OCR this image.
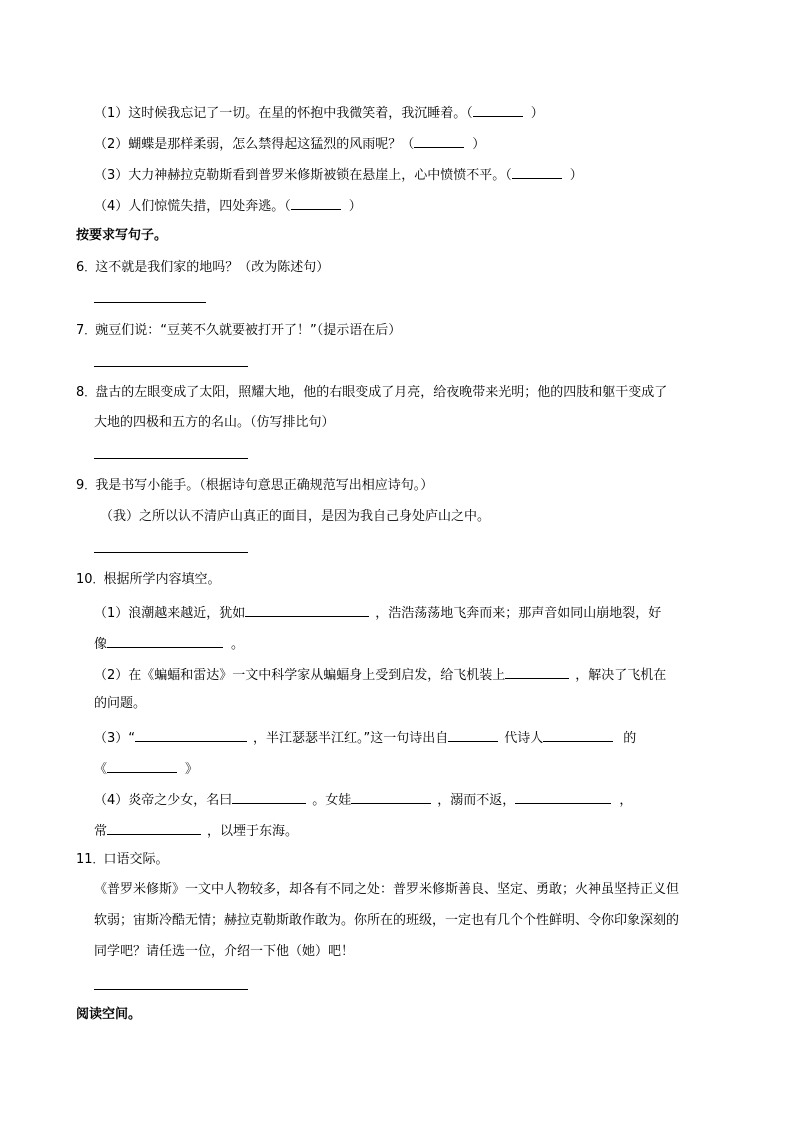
（1）这时候我忘记了一切。在星的怀抱中我微笑着，我沉睡着。（	）
（2）蝴蝶是那样柔弱，怎么禁得起这猛烈的风雨呢？（	）
（3）大力神赫拉克勒斯看到普罗米修斯被锁在悬崖上，心中愤愤不平。（	）
（4）人们惊慌失措，四处奔逃。（	）
按要求写句子。
6．这不就是我们家的地吗？（改为陈述句）
7．豌豆们说：“豆荚不久就要被打开了！”（提示语在后）
8．盘古的左眼变成了太阳，照耀大地，他的右眼变成了月亮，给夜晚带来光明；他的四肢和躯干变成了
大地的四极和五方的名山。（仿写排比句）
9．我是书写小能手。（根据诗句意思正确规范写出相应诗句。）
（我）之所以认不清庐山真正的面目，是因为我自己身处庐山之中。
10．根据所学内容填空。
（1）浪潮越来越近，犹如	，浩浩荡荡地飞奔而来；那声音如同山崩地裂，好
像	。
（2）在《蝙蝠和雷达》一文中科学家从蝙蝠身上受到启发，给飞机装上	，解决了飞机在
的问题。
（3）“	，半江瑟瑟半江红。”这一句诗出自	代诗人	的
《	》
（4）炎帝之少女，名曰	。女娃	，溺而不返，	，
常	，以堙于东海。
11．口语交际。
《普罗米修斯》一文中人物较多，却各有不同之处：普罗米修斯善良、坚定、勇敢；火神虽坚持正义但
软弱；宙斯冷酷无情；赫拉克勒斯敢作敢为。你所在的班级，一定也有几个个性鲜明、令你印象深刻的
同学吧？请任选一位，介绍一下他（她）吧！
阅读空间。
